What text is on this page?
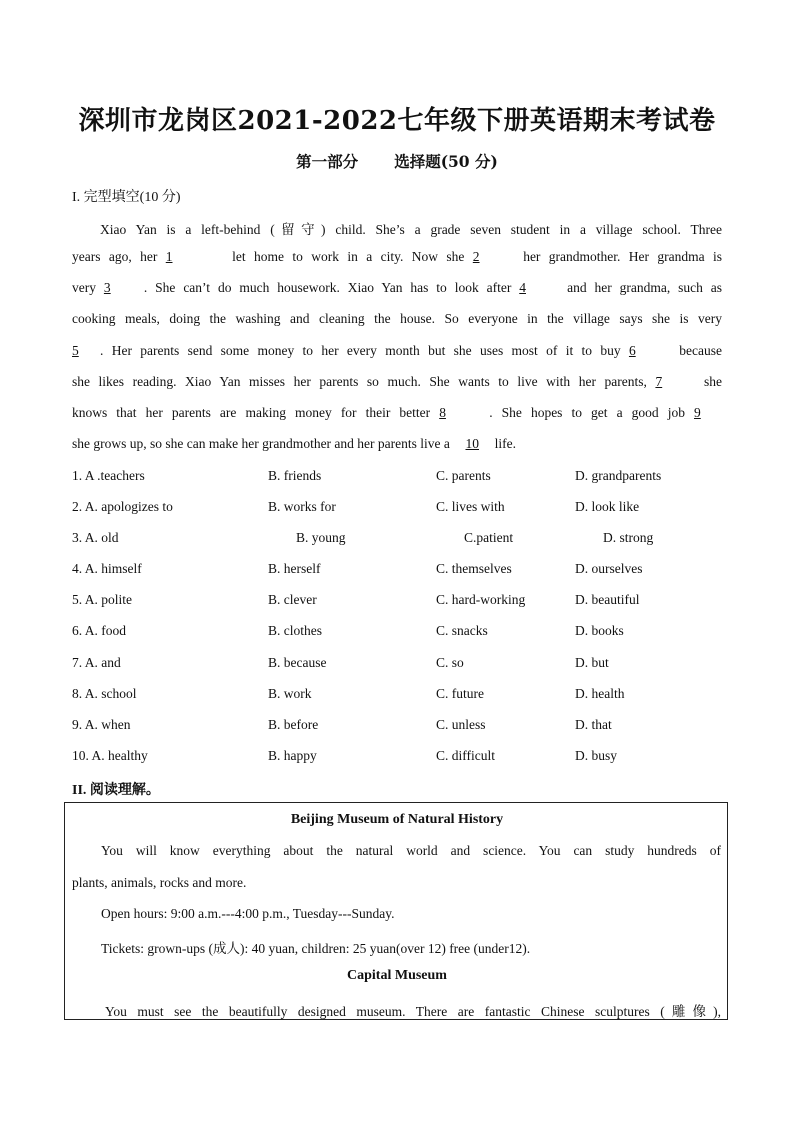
深圳市龙岗区2021-2022七年级下册英语期末考试卷
第一部分 选择题(50 分)
I. 完型填空(10 分)
Xiao Yan is a left-behind (留守) child. She’s a grade seven student in a village school. Three
years ago, her 1	let home to work in a city. Now she 2	her grandmother. Her grandma is
very 3 . She can’t do much housework. Xiao Yan has to look after 4	and her grandma, such as
cooking meals, doing the washing and cleaning the house. So everyone in the village says she is very
5 . Her parents send some money to her every month but she uses most of it to buy 6	because
she likes reading. Xiao Yan misses her parents so much. She wants to live with her parents, 7	she
knows that her parents are making money for their better 8	. She hopes to get a good job 9
she grows up, so she can make her grandmother and her parents live a 10 life.
1. A .teachers	B. friends	C. parents	D. grandparents
2. A. apologizes to	B. works for	C. lives with	D. look like
3. A. old	B. young	C.patient	D. strong
4. A. himself	B. herself	C. themselves	D. ourselves
5. A. polite	B. clever	C. hard-working	D. beautiful
6. A. food	B. clothes	C. snacks	D. books
7. A. and	B. because	C. so	D. but
8. A. school	B. work	C. future	D. health
9. A. when	B. before	C. unless	D. that
10. A. healthy	B. happy	C. difficult	D. busy
II. 阅读理解。
Beijing Museum of Natural History
You will know everything about the natural world and science. You can study hundreds of
plants, animals, rocks and more.
Open hours: 9:00 a.m.---4:00 p.m., Tuesday---Sunday.
Tickets: grown-ups (成人): 40 yuan, children: 25 yuan(over 12) free (under12).
Capital Museum
You must see the beautifully designed museum. There are fantastic Chinese sculptures (雕像),
